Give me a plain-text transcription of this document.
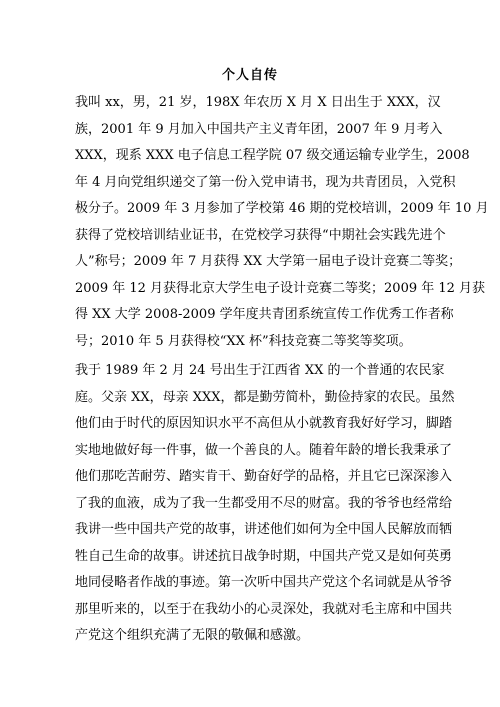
个人自传
我叫 xx，男，21 岁，198X 年农历 X 月 X 日出生于 XXX，汉
族，2001 年 9 月加入中国共产主义青年团，2007 年 9 月考入
XXX，现系 XXX 电子信息工程学院 07 级交通运输专业学生，2008
年 4 月向党组织递交了第一份入党申请书，现为共青团员，入党积
极分子。2009 年 3 月参加了学校第 46 期的党校培训，2009 年 10 月
获得了党校培训结业证书，在党校学习获得“中期社会实践先进个
人”称号；2009 年 7 月获得 XX 大学第一届电子设计竞赛二等奖；
2009 年 12 月获得北京大学生电子设计竞赛二等奖；2009 年 12 月获
得 XX 大学 2008-2009 学年度共青团系统宣传工作优秀工作者称
号；2010 年 5 月获得校“XX 杯”科技竞赛二等奖等奖项。
我于 1989 年 2 月 24 号出生于江西省 XX 的一个普通的农民家
庭。父亲 XX，母亲 XXX，都是勤劳简朴，勤俭持家的农民。虽然
他们由于时代的原因知识水平不高但从小就教育我好好学习，脚踏
实地地做好每一件事，做一个善良的人。随着年龄的增长我秉承了
他们那吃苦耐劳、踏实肯干、勤奋好学的品格，并且它已深深渗入
了我的血液，成为了我一生都受用不尽的财富。我的爷爷也经常给
我讲一些中国共产党的故事，讲述他们如何为全中国人民解放而牺
牲自己生命的故事。讲述抗日战争时期，中国共产党又是如何英勇
地同侵略者作战的事迹。第一次听中国共产党这个名词就是从爷爷
那里听来的，以至于在我幼小的心灵深处，我就对毛主席和中国共
产党这个组织充满了无限的敬佩和感激。
